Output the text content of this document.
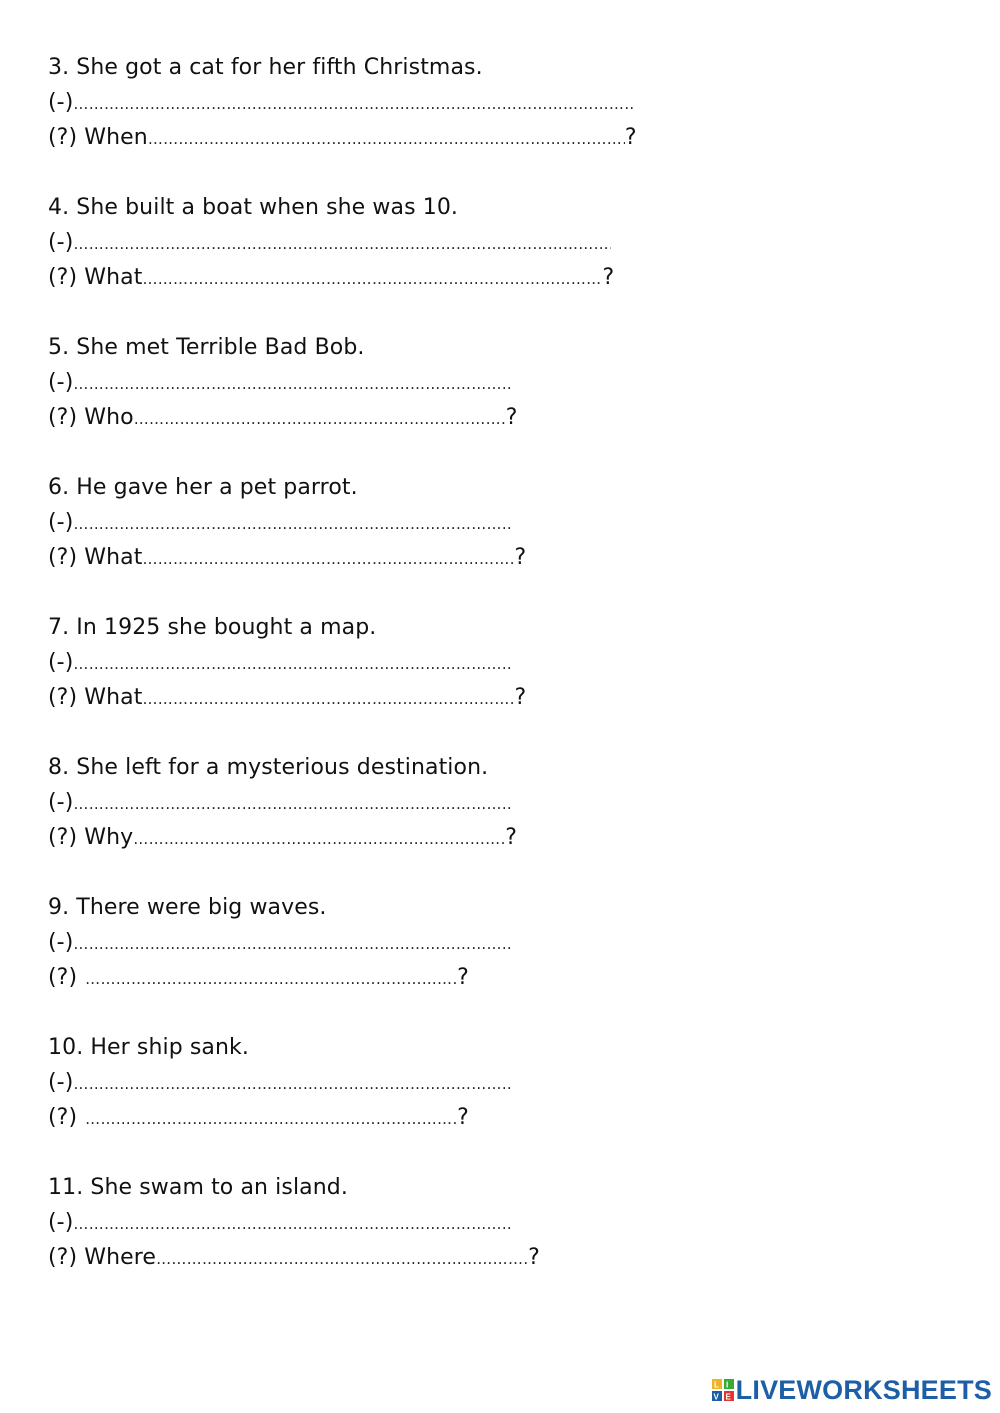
3. She got a cat for her fifth Christmas.
(-)
……………………………………………………………………………………………………………………………………………………………
(?) When ……………………………………………………………………………………………………………………………………………………………	?
4. She built a boat when she was 10.
(-)
……………………………………………………………………………………………………………………………………………………………
(?) What ……………………………………………………………………………………………………………………………………………………………	?
5. She met Terrible Bad Bob.
(-)
……………………………………………………………………………………………………………………………………………………………
(?) Who ……………………………………………………………………………………………………………………………………………………………	?
6. He gave her a pet parrot.
(-)
……………………………………………………………………………………………………………………………………………………………
(?) What ……………………………………………………………………………………………………………………………………………………………	?
7. In 1925 she bought a map.
(-)
……………………………………………………………………………………………………………………………………………………………
(?) What ……………………………………………………………………………………………………………………………………………………………	?
8. She left for a mysterious destination.
(-)
……………………………………………………………………………………………………………………………………………………………
(?) Why ……………………………………………………………………………………………………………………………………………………………	?
9. There were big waves.
(-)
……………………………………………………………………………………………………………………………………………………………
(?) ……………………………………………………………………………………………………………………………………………………………	?
10. Her ship sank.
(-)
……………………………………………………………………………………………………………………………………………………………
(?) ……………………………………………………………………………………………………………………………………………………………	?
11. She swam to an island.
(-)
……………………………………………………………………………………………………………………………………………………………
(?) Where ……………………………………………………………………………………………………………………………………………………………	?
L I
V E LIVEWORKSHEETS
